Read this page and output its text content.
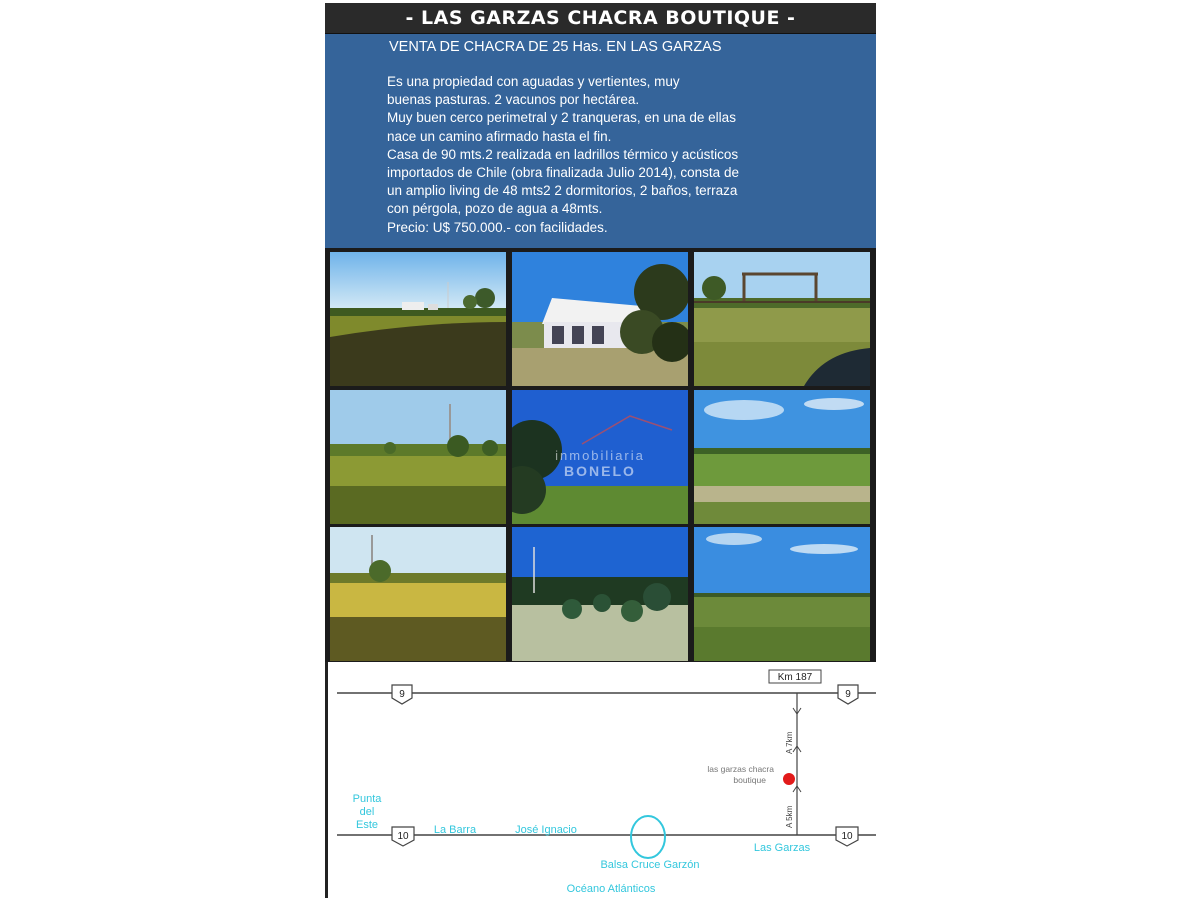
- LAS GARZAS CHACRA BOUTIQUE -
VENTA DE CHACRA DE 25 Has. EN LAS GARZAS
Es una propiedad con aguadas y vertientes, muy
buenas pasturas. 2 vacunos por hectárea.
Muy buen cerco perimetral y 2 tranqueras, en una de ellas
nace un camino afirmado hasta el fin.
Casa de 90 mts.2 realizada en ladrillos térmico y acústicos
importados de Chile (obra finalizada Julio 2014), consta de
un amplio living de 48 mts2 2 dormitorios, 2 baños, terraza
con pérgola, pozo de agua a 48mts.
Precio: U$ 750.000.- con facilidades.
inmobiliaria
BONELO
9	9
Km 187
A 7km
A 5km
las garzas chacra
boutique
10	10
Punta
del
Este	La Barra	José Ignacio
Balsa Cruce Garzón
Las Garzas
Océano Atlánticos
